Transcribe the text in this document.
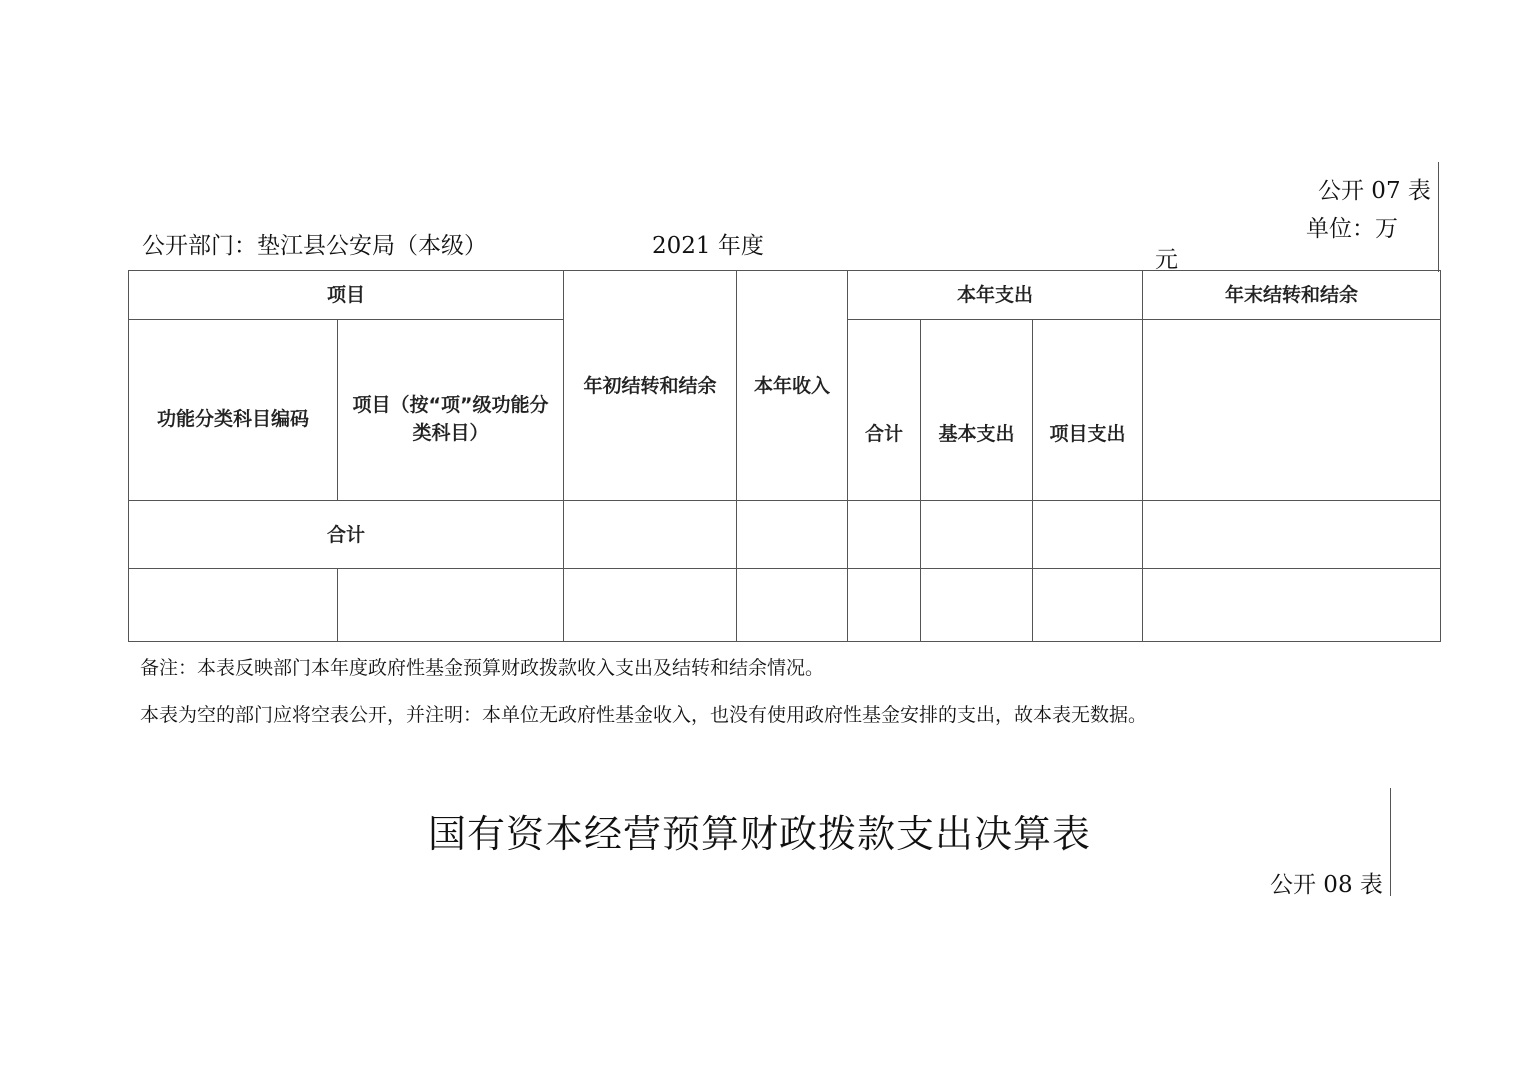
公开 07 表
单位：万
元
公开部门：垫江县公安局（本级）	2021 年度
项目		年初结转和结余	本年收入	本年支出			年末结转和结余
功能分类科目编码	项目（按“项”级功能分类科目）			合计	基本支出	项目支出	
合计							

备注：本表反映部门本年度政府性基金预算财政拨款收入支出及结转和结余情况。
本表为空的部门应将空表公开，并注明：本单位无政府性基金收入，也没有使用政府性基金安排的支出，故本表无数据。
国有资本经营预算财政拨款支出决算表
公开 08 表
